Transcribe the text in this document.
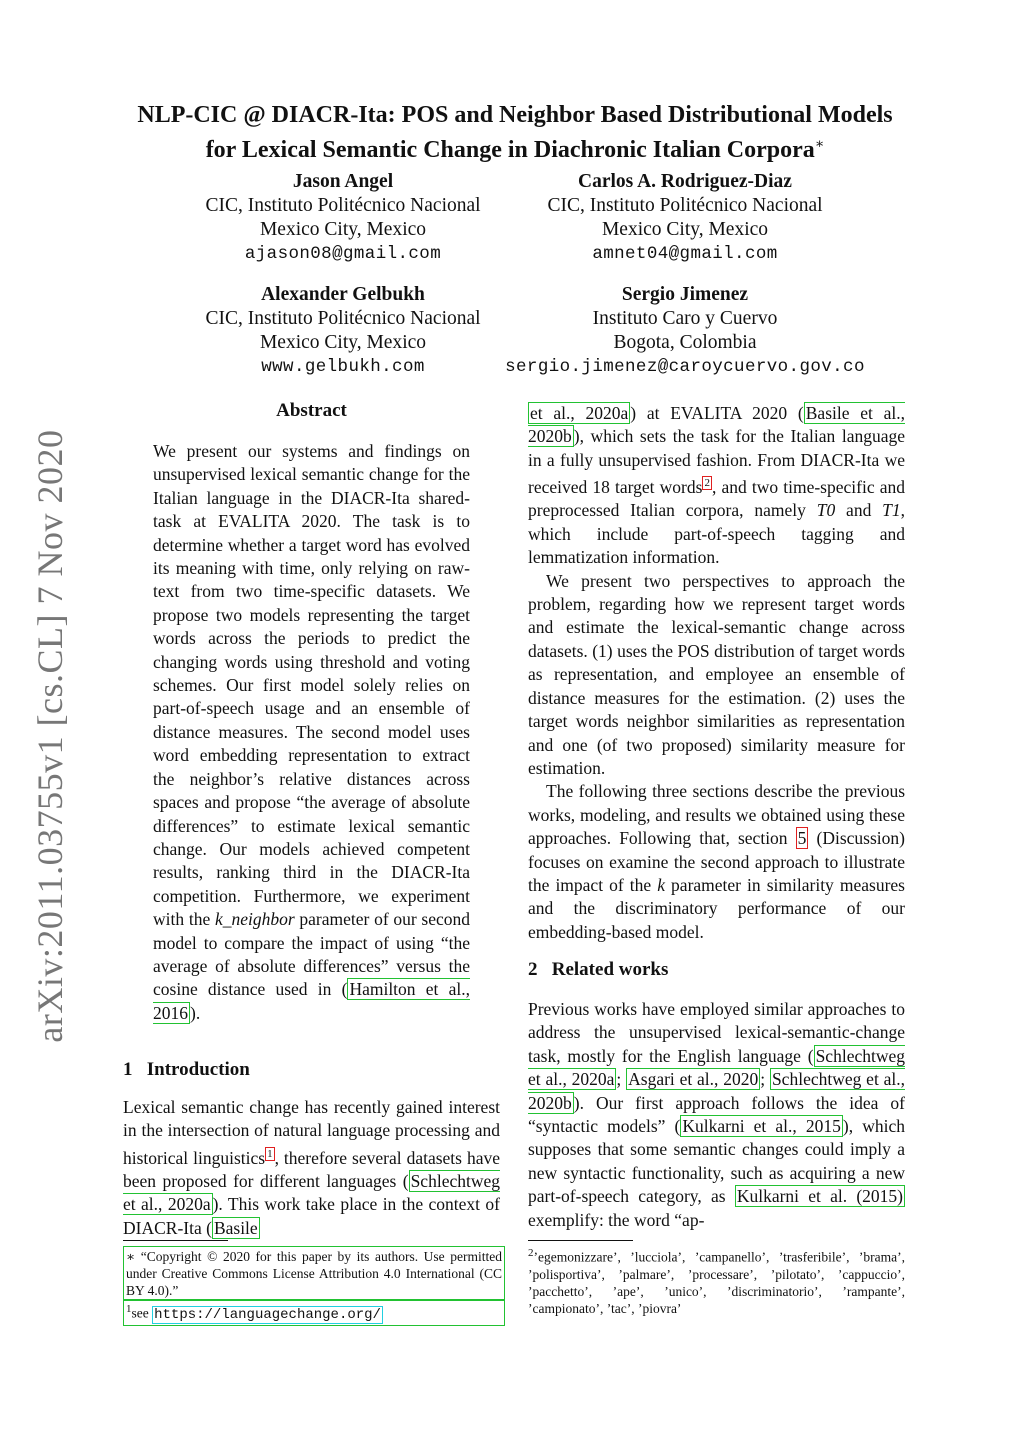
NLP-CIC @ DIACR-Ita: POS and Neighbor Based Distributional Models
for Lexical Semantic Change in Diachronic Italian Corpora∗
Jason Angel
CIC, Instituto Politécnico Nacional
Mexico City, Mexico
ajason08@gmail.com
Carlos A. Rodriguez-Diaz
CIC, Instituto Politécnico Nacional
Mexico City, Mexico
amnet04@gmail.com
Alexander Gelbukh
CIC, Instituto Politécnico Nacional
Mexico City, Mexico
www.gelbukh.com
Sergio Jimenez
Instituto Caro y Cuervo
Bogota, Colombia
sergio.jimenez@caroycuervo.gov.co
arXiv:2011.03755v1 [cs.CL] 7 Nov 2020
Abstract

We present our systems and findings on unsupervised lexical semantic change for the Italian language in the DIACR-Ita shared-task at EVALITA 2020. The task is to determine whether a target word has evolved its meaning with time, only relying on raw-text from two time-specific datasets. We propose two models representing the target words across the periods to predict the changing words using threshold and voting schemes. Our first model solely relies on part-of-speech usage and an ensemble of distance measures. The second model uses word embedding representation to extract the neighbor’s relative distances across spaces and propose “the average of absolute differences” to estimate lexical semantic change. Our models achieved competent results, ranking third in the DIACR-Ita competition. Furthermore, we experiment with the k_neighbor parameter of our second model to compare the impact of using “the average of absolute differences” versus the cosine distance used in ( Hamilton et al., 2016 ).

1 Introduction

Lexical semantic change has recently gained interest in the intersection of natural language processing and historical linguistics $^1$ , therefore several datasets have been proposed for different languages ( Schlechtweg et al., 2020a ). This work take place in the context of DIACR-Ita ( Basile

∗ “Copyright © 2020 for this paper by its authors. Use permitted under Creative Commons License Attribution 4.0 International (CC BY 4.0).”
$^1$see https://languagechange.org/

et al., 2020a ) at EVALITA 2020 ( Basile et al., 2020b ), which sets the task for the Italian language in a fully unsupervised fashion. From DIACR-Ita we received 18 target words $^2$ , and two time-specific and preprocessed Italian corpora, namely T0 and T1, which include part-of-speech tagging and lemmatization information.

We present two perspectives to approach the problem, regarding how we represent target words and estimate the lexical-semantic change across datasets. (1) uses the POS distribution of target words as representation, and employee an ensemble of distance measures for the estimation. (2) uses the target words neighbor similarities as representation and one (of two proposed) similarity measure for estimation.

The following three sections describe the previous works, modeling, and results we obtained using these approaches. Following that, section 5 (Discussion) focuses on examine the second approach to illustrate the impact of the k parameter in similarity measures and the discriminatory performance of our embedding-based model.

2 Related works

Previous works have employed similar approaches to address the unsupervised lexical-semantic-change task, mostly for the English language ( Schlechtweg et al., 2020a ; Asgari et al., 2020 ; Schlechtweg et al., 2020b ). Our first approach follows the idea of “syntactic models” ( Kulkarni et al., 2015 ), which supposes that some semantic changes could imply a new syntactic functionality, such as acquiring a new part-of-speech category, as Kulkarni et al. (2015) exemplify: the word “ap-

$^2$’egemonizzare’, ’lucciola’, ’campanello’, ’trasferibile’, ’brama’, ’polisportiva’, ’palmare’, ’processare’, ’pilotato’, ’cappuccio’, ’pacchetto’, ’ape’, ’unico’, ’discriminatorio’, ’rampante’, ’campionato’, ’tac’, ’piovra’
